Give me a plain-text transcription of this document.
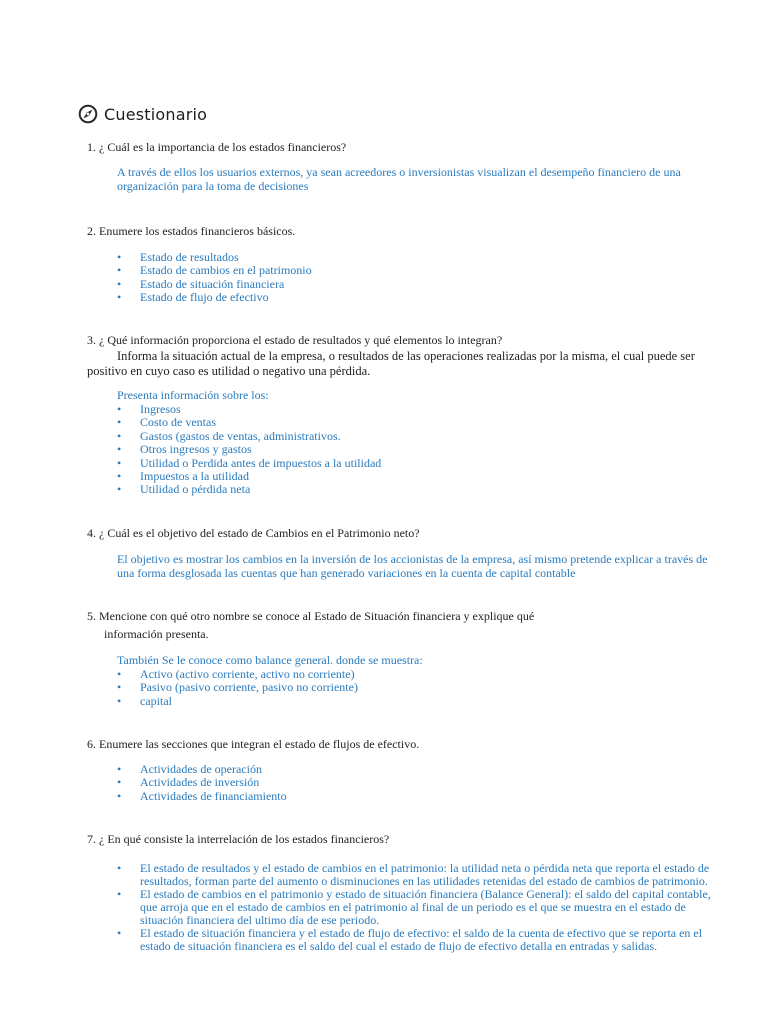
Cuestionario
1. ¿ Cuál es la importancia de los estados financieros?
A través de ellos los usuarios externos, ya sean acreedores o inversionistas visualizan el desempeño financiero de una organización para la toma de decisiones
2. Enumere los estados financieros básicos.
• Estado de resultados
• Estado de cambios en el patrimonio
• Estado de situación financiera
• Estado de flujo de efectivo
3. ¿ Qué información proporciona el estado de resultados y qué elementos lo integran?
Informa la situación actual de la empresa, o resultados de las operaciones realizadas por la misma, el cual puede ser positivo en cuyo caso es utilidad o negativo una pérdida.
Presenta información sobre los:
• Ingresos
• Costo de ventas
• Gastos (gastos de ventas, administrativos.
• Otros ingresos y gastos
• Utilidad o Perdida antes de impuestos a la utilidad
• Impuestos a la utilidad
• Utilidad o pérdida neta
4. ¿ Cuál es el objetivo del estado de Cambios en el Patrimonio neto?
El objetivo es mostrar los cambios en la inversión de los accionistas de la empresa, así mismo pretende explicar a través de una forma desglosada las cuentas que han generado variaciones en la cuenta de capital contable
5. Mencione con qué otro nombre se conoce al Estado de Situación financiera y explique qué
información presenta.
También Se le conoce como balance general. donde se muestra:
• Activo (activo corriente, activo no corriente)
• Pasivo (pasivo corriente, pasivo no corriente)
• capital
6. Enumere las secciones que integran el estado de flujos de efectivo.
• Actividades de operación
• Actividades de inversión
• Actividades de financiamiento
7. ¿ En qué consiste la interrelación de los estados financieros?
• El estado de resultados y el estado de cambios en el patrimonio: la utilidad neta o pérdida neta que reporta el estado de resultados, forman parte del aumento o disminuciones en las utilidades retenidas del estado de cambios de patrimonio.
• El estado de cambios en el patrimonio y estado de situación financiera (Balance General): el saldo del capital contable, que arroja que en el estado de cambios en el patrimonio al final de un periodo es el que se muestra en el estado de situación financiera del ultimo día de ese periodo.
• El estado de situación financiera y el estado de flujo de efectivo: el saldo de la cuenta de efectivo que se reporta en el estado de situación financiera es el saldo del cual el estado de flujo de efectivo detalla en entradas y salidas.
